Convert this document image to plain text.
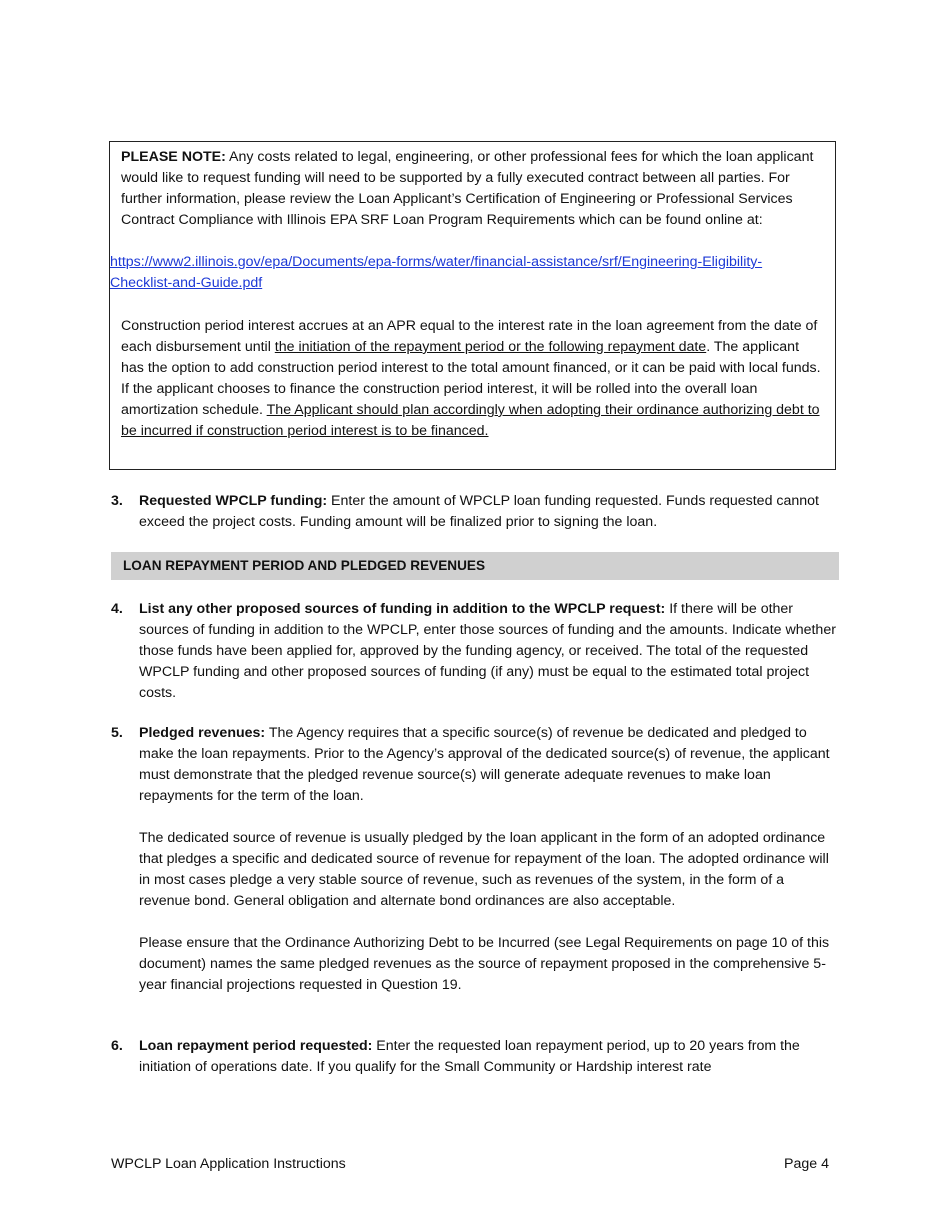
PLEASE NOTE: Any costs related to legal, engineering, or other professional fees for which the loan applicant would like to request funding will need to be supported by a fully executed contract between all parties. For further information, please review the Loan Applicant’s Certification of Engineering or Professional Services Contract Compliance with Illinois EPA SRF Loan Program Requirements which can be found online at:

https://www2.illinois.gov/epa/Documents/epa-forms/water/financial-assistance/srf/Engineering-Eligibility-Checklist-and-Guide.pdf

Construction period interest accrues at an APR equal to the interest rate in the loan agreement from the date of each disbursement until the initiation of the repayment period or the following repayment date. The applicant has the option to add construction period interest to the total amount financed, or it can be paid with local funds. If the applicant chooses to finance the construction period interest, it will be rolled into the overall loan amortization schedule. The Applicant should plan accordingly when adopting their ordinance authorizing debt to be incurred if construction period interest is to be financed.

3. Requested WPCLP funding: Enter the amount of WPCLP loan funding requested. Funds requested cannot exceed the project costs. Funding amount will be finalized prior to signing the loan.

LOAN REPAYMENT PERIOD AND PLEDGED REVENUES
4. List any other proposed sources of funding in addition to the WPCLP request: If there will be other sources of funding in addition to the WPCLP, enter those sources of funding and the amounts. Indicate whether those funds have been applied for, approved by the funding agency, or received. The total of the requested WPCLP funding and other proposed sources of funding (if any) must be equal to the estimated total project costs.

5. Pledged revenues: The Agency requires that a specific source(s) of revenue be dedicated and pledged to make the loan repayments. Prior to the Agency’s approval of the dedicated source(s) of revenue, the applicant must demonstrate that the pledged revenue source(s) will generate adequate revenues to make loan repayments for the term of the loan.

The dedicated source of revenue is usually pledged by the loan applicant in the form of an adopted ordinance that pledges a specific and dedicated source of revenue for repayment of the loan. The adopted ordinance will in most cases pledge a very stable source of revenue, such as revenues of the system, in the form of a revenue bond. General obligation and alternate bond ordinances are also acceptable.

Please ensure that the Ordinance Authorizing Debt to be Incurred (see Legal Requirements on page 10 of this document) names the same pledged revenues as the source of repayment proposed in the comprehensive 5-year financial projections requested in Question 19.

6. Loan repayment period requested: Enter the requested loan repayment period, up to 20 years from the initiation of operations date. If you qualify for the Small Community or Hardship interest rate

WPCLP Loan Application Instructions	Page 4
